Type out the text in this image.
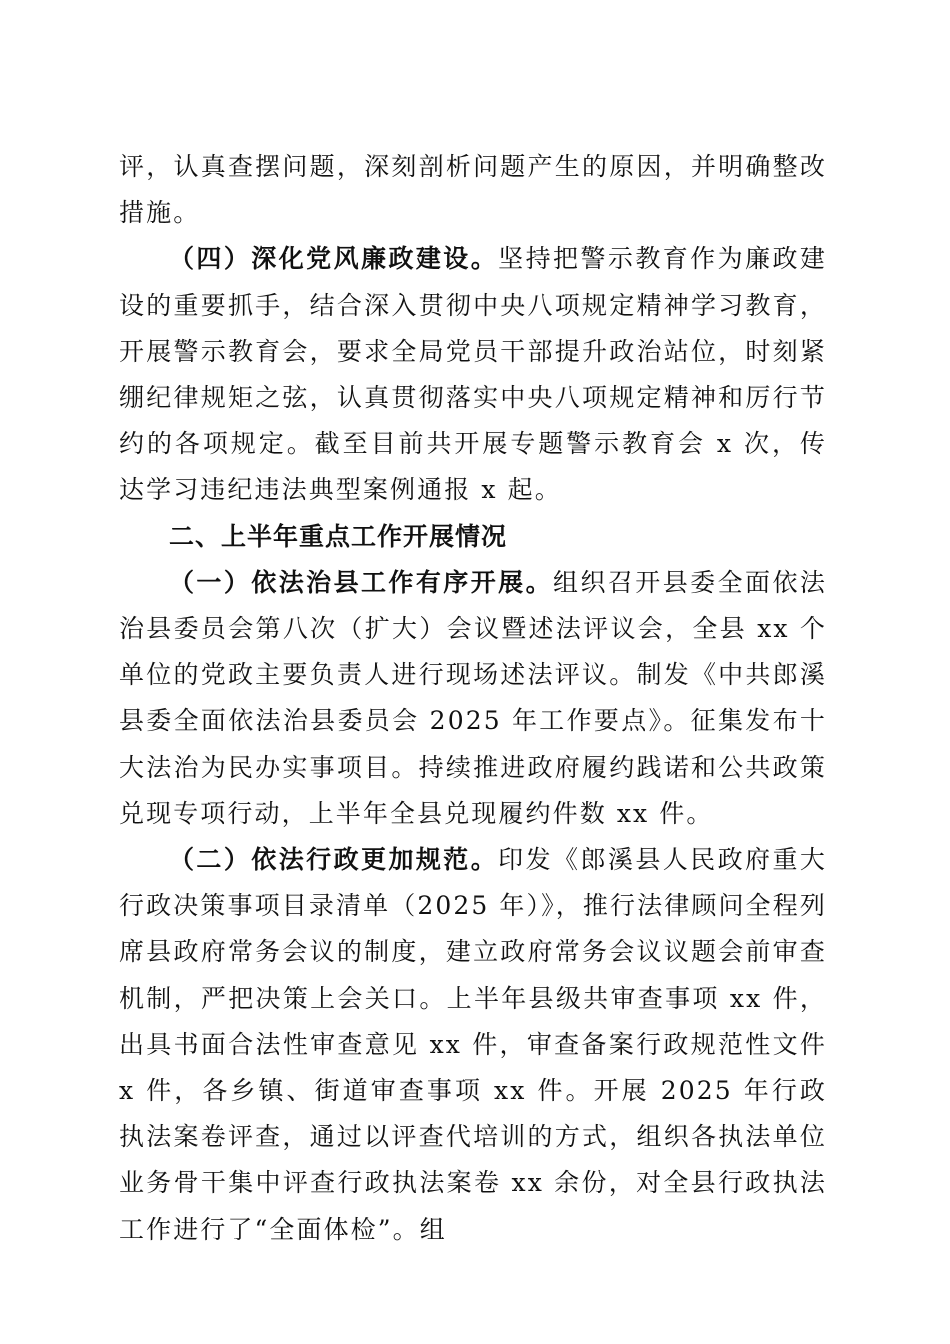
评，认真查摆问题，深刻剖析问题产生的原因，并明确整改措施。

（四）深化党风廉政建设。坚持把警示教育作为廉政建设的重要抓手，结合深入贯彻中央八项规定精神学习教育，开展警示教育会，要求全局党员干部提升政治站位，时刻紧绷纪律规矩之弦，认真贯彻落实中央八项规定精神和厉行节约的各项规定。截至目前共开展专题警示教育会 x 次，传达学习违纪违法典型案例通报 x 起。

二、上半年重点工作开展情况

（一）依法治县工作有序开展。组织召开县委全面依法治县委员会第八次（扩大）会议暨述法评议会，全县 xx 个单位的党政主要负责人进行现场述法评议。制发《中共郎溪县委全面依法治县委员会 2025 年工作要点》。征集发布十大法治为民办实事项目。持续推进政府履约践诺和公共政策兑现专项行动，上半年全县兑现履约件数 xx 件。

（二）依法行政更加规范。印发《郎溪县人民政府重大行政决策事项目录清单（2025 年）》，推行法律顾问全程列席县政府常务会议的制度，建立政府常务会议议题会前审查机制，严把决策上会关口。上半年县级共审查事项 xx 件，出具书面合法性审查意见 xx 件，审查备案行政规范性文件 x 件，各乡镇、街道审查事项 xx 件。开展 2025 年行政执法案卷评查，通过以评查代培训的方式，组织各执法单位业务骨干集中评查行政执法案卷 xx 余份，对全县行政执法工作进行了“全面体检”。组
